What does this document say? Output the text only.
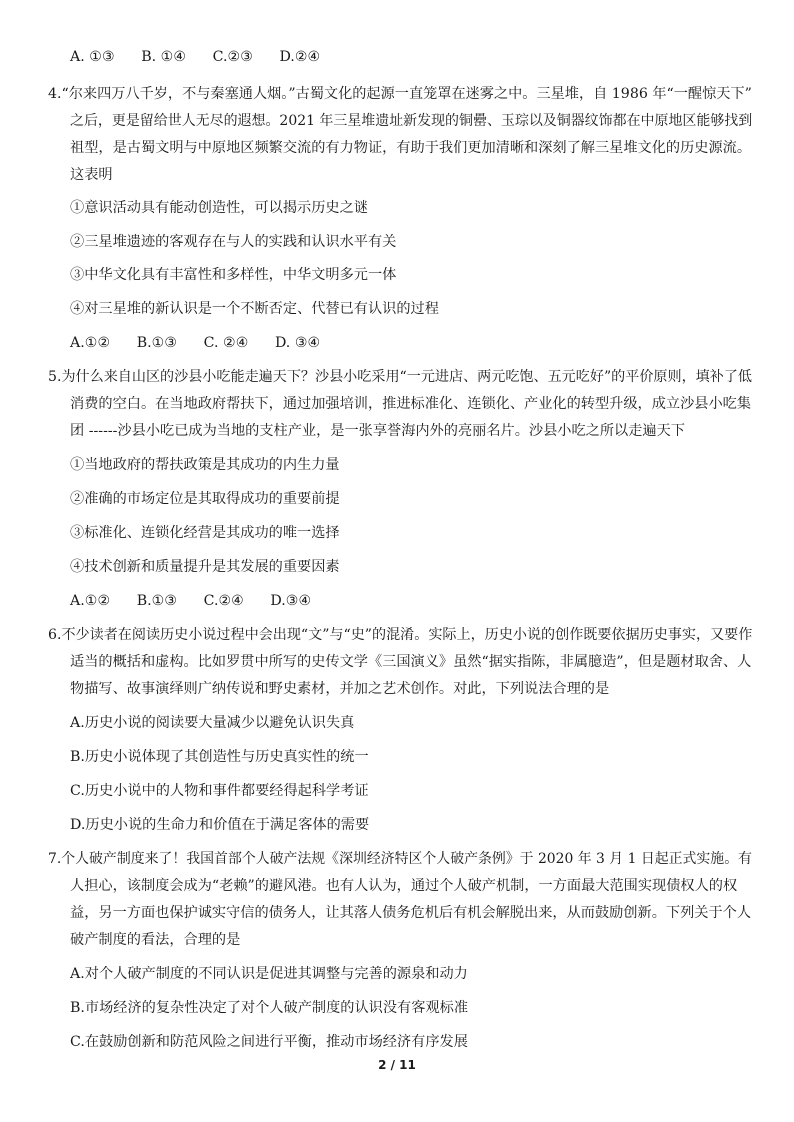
A. ①③ B. ①④ C.②③ D.②④
4.“尔来四万八千岁，不与秦塞通人烟。”古蜀文化的起源一直笼罩在迷雾之中。三星堆，自 1986 年“一醒惊天下”
之后，更是留给世人无尽的遐想。2021 年三星堆遗址新发现的铜罍、玉琮以及铜器纹饰都在中原地区能够找到
祖型，是古蜀文明与中原地区频繁交流的有力物证，有助于我们更加清晰和深刻了解三星堆文化的历史源流。
这表明
①意识活动具有能动创造性，可以揭示历史之谜
②三星堆遗迹的客观存在与人的实践和认识水平有关
③中华文化具有丰富性和多样性，中华文明多元一体
④对三星堆的新认识是一个不断否定、代替已有认识的过程
A.①② B.①③ C. ②④ D. ③④
5.为什么来自山区的沙县小吃能走遍天下？沙县小吃采用“一元进店、两元吃饱、五元吃好”的平价原则，填补了低
消费的空白。在当地政府帮扶下，通过加强培训，推进标准化、连锁化、产业化的转型升级，成立沙县小吃集
团 ------沙县小吃已成为当地的支柱产业，是一张享誉海内外的亮丽名片。沙县小吃之所以走遍天下
①当地政府的帮扶政策是其成功的内生力量
②准确的市场定位是其取得成功的重要前提
③标准化、连锁化经营是其成功的唯一选择
④技术创新和质量提升是其发展的重要因素
A.①② B.①③ C.②④ D.③④
6.不少读者在阅读历史小说过程中会出现“文”与“史”的混淆。实际上，历史小说的创作既要依据历史事实，又要作
适当的概括和虚构。比如罗贯中所写的史传文学《三国演义》虽然“据实指陈，非属臆造”，但是题材取舍、人
物描写、故事演绎则广纳传说和野史素材，并加之艺术创作。对此，下列说法合理的是
A.历史小说的阅读要大量减少以避免认识失真
B.历史小说体现了其创造性与历史真实性的统一
C.历史小说中的人物和事件都要经得起科学考证
D.历史小说的生命力和价值在于满足客体的需要
7.个人破产制度来了！我国首部个人破产法规《深圳经济特区个人破产条例》于 2020 年 3 月 1 日起正式实施。有
人担心，该制度会成为“老赖”的避风港。也有人认为，通过个人破产机制，一方面最大范围实现债权人的权
益，另一方面也保护诚实守信的债务人，让其落人债务危机后有机会解脱出来，从而鼓励创新。下列关于个人
破产制度的看法，合理的是
A.对个人破产制度的不同认识是促进其调整与完善的源泉和动力
B.市场经济的复杂性决定了对个人破产制度的认识没有客观标准
C.在鼓励创新和防范风险之间进行平衡，推动市场经济有序发展
2 / 11
